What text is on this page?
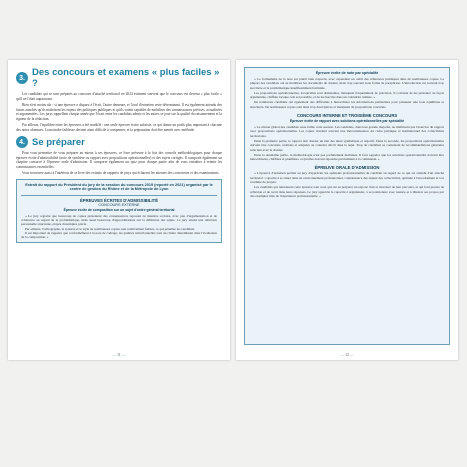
3. Des concours et examens « plus faciles » ?

Les candidats qui se sont préparés au concours d'attaché territorial en 2024 estiment souvent que le concours est devenu « plus facile » qu'il ne l'était auparavant.

Rien n'est moins sûr : si une épreuve a disparu à l'écrit, l'autre demeure, et l'oral d'entretien reste déterminant. Il est également attendu des futurs attachés qu'ils maîtrisent les enjeux des politiques publiques et qu'ils soient capables de mobiliser des connaissances précises, actualisées et argumentées. Les jurys rappellent chaque année que l'écart entre les candidats admis et les autres se joue sur la qualité du raisonnement et la rigueur de la rédaction.

Par ailleurs, l'équilibre entre les épreuves a été modifié : une seule épreuve écrite subsiste, ce qui donne un poids plus important à chacune des notes obtenues. La moindre faiblesse devient ainsi difficile à compenser, et la préparation doit être menée avec méthode.

4. Se préparer

Pour vous permettre de vous préparer au mieux à ces épreuves, ce livre présente à la fois des conseils méthodologiques pour chaque épreuve écrite d'admissibilité (note de synthèse ou rapport avec propositions opérationnelles) et des sujets corrigés. Il comporte également un chapitre consacré à l'épreuve orale d'admission. Il comporte également un quiz pour chaque partie afin de vous entraîner à retenir les connaissances essentielles.

Vous trouverez aussi à l'intérieur de ce livre des extraits de rapports de jurys qui éclairent les attentes des correcteurs et des examinateurs.

Extrait du rapport du Président du jury de la session du concours 2019 (reporté en 2021) organisé par le centre de gestion du Rhône et de la Métropole de Lyon
ÉPREUVES ÉCRITES D'ADMISSIBILITÉ
CONCOURS EXTERNE
Épreuve écrite de composition sur un sujet d'ordre général territorial

« Le jury regrette que beaucoup de copies présentent des connaissances reposant de manière scolaire, avec peu d'argumentation et de cohérence au regard de la problématique, mais aussi beaucoup d'approximations sur la définition des sujets. Le jury attend une réflexion personnelle structurée, étayée d'exemples précis.

Par ailleurs, l'orthographe, la syntaxe et le style de nombreuses copies sont relativement faibles, ce qui pénalise les candidats.

Il est important de rappeler que conformément à la note de cadrage, les qualités rédactionnelles sont un critère déterminant dans l'évaluation de la composition. »

— 11 —
Épreuve écrite de note par spécialité

« Le formalisme de la note est plutôt bien respecté, avec cependant un oubli des références juridiques dans de nombreuses copies. La plupart des candidats ont su mobiliser les documents du dossier, mais trop souvent sous forme de paraphrase. L'introduction est souvent trop succincte et la problématique insuffisamment formulée.

Les propositions opérationnelles, lorsqu'elles sont demandées, manquent fréquemment de précision. Il convient de les présenter de façon argumentée, chiffrée lorsque cela est possible, et de les inscrire dans un calendrier réaliste. »

De nombreux candidats ont également des difficultés à hiérarchiser les informations pertinentes pour présenter une note équilibrée et structurée. De nombreuses copies sont ainsi trop descriptives et manquent de propositions concrètes.

CONCOURS INTERNE ET TROISIÈME CONCOURS
Épreuve écrite de rapport avec solutions opérationnelles par spécialité

« Le niveau global des candidats reste faible cette session. Les candidats, dans leur grande majorité, ne maîtrisent pas l'exercice du rapport avec propositions opérationnelles. Les copies révèlent souvent une méconnaissance du cadre juridique et institutionnel des collectivités territoriales.

Dans la première partie, le rapport doit dresser un état des lieux synthétique et objectif. Dans la seconde, les propositions opérationnelles doivent être concrètes, réalistes et adaptées au contexte décrit dans le sujet. Trop de candidats se contentent de recommandations générales sans lien avec le dossier.

Dans la deuxième partie, la méthodologie n'est pas parfaitement maîtrisée. Il faut rappeler que les solutions opérationnelles doivent être hiérarchisées, chiffrées et planifiées, et qu'elles doivent répondre précisément à la commande. »

ÉPREUVE ORALE D'ADMISSION

« L'épreuve d'entretien permet au jury d'apprécier les aptitudes professionnelles du candidat au regard de ce qui est attendu d'un attaché territorial : capacité à se situer dans un environnement professionnel, connaissance des enjeux des collectivités, aptitude à l'encadrement et à la conduite de projets.

Les candidats qui réussissent cette épreuve sont ceux qui ont su préparer un exposé clair et structuré de leur parcours, et qui font preuve de réflexion et de recul dans leurs réponses. Le jury apprécie la capacité à argumenter, à se positionner avec nuance et à illustrer ses propos par des exemples tirés de l'expérience professionnelle. »

— 12 —
